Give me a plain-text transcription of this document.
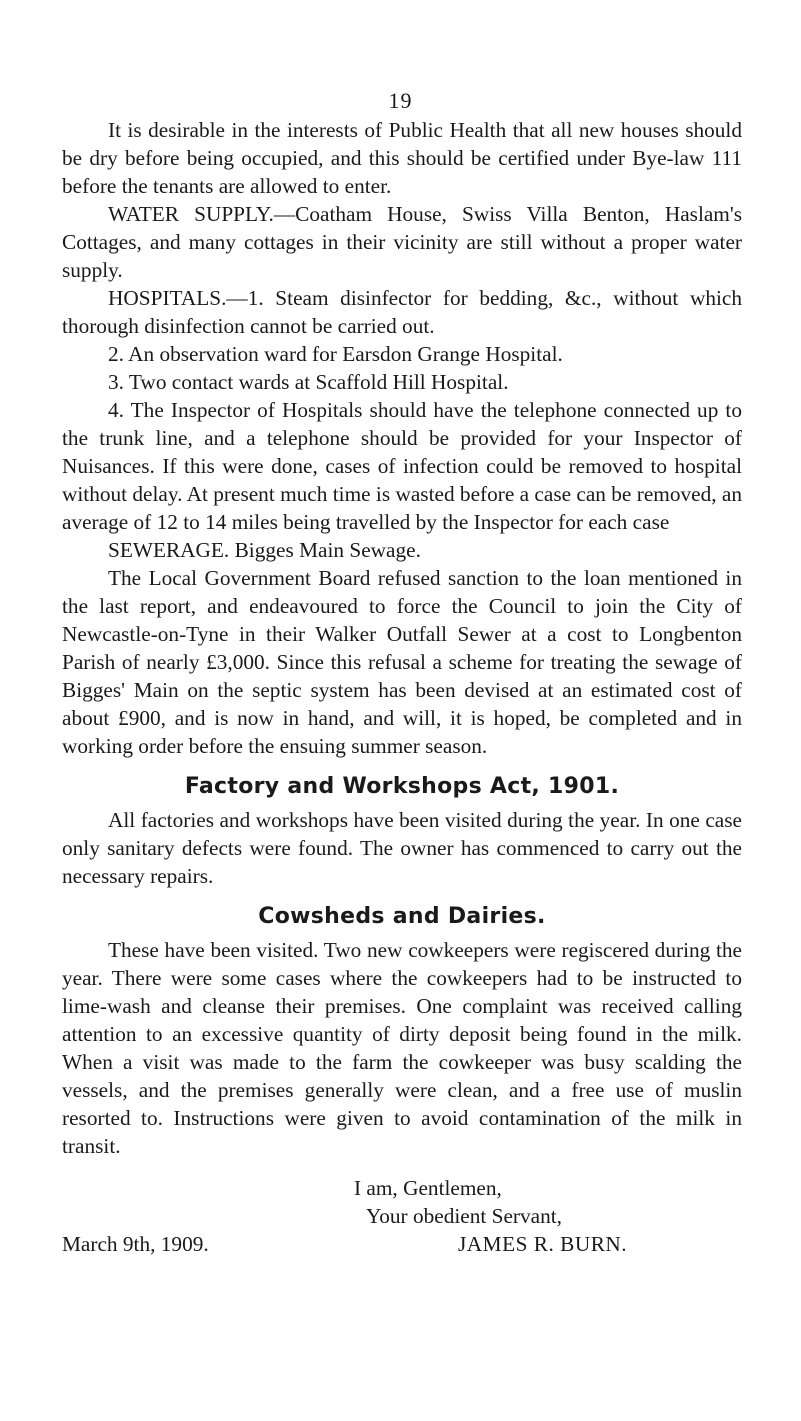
19

It is desirable in the interests of Public Health that all new houses should be dry before being occupied, and this should be certified under Bye-law 111 before the tenants are allowed to enter.

WATER SUPPLY.—Coatham House, Swiss Villa Benton, Haslam's Cottages, and many cottages in their vicinity are still without a proper water supply.

HOSPITALS.—1. Steam disinfector for bedding, &c., without which thorough disinfection cannot be carried out.

2. An observation ward for Earsdon Grange Hospital.

3. Two contact wards at Scaffold Hill Hospital.

4. The Inspector of Hospitals should have the telephone connected up to the trunk line, and a telephone should be provided for your Inspector of Nuisances. If this were done, cases of infection could be removed to hospital without delay. At present much time is wasted before a case can be removed, an average of 12 to 14 miles being travelled by the Inspector for each case

SEWERAGE. Bigges Main Sewage.

The Local Government Board refused sanction to the loan mentioned in the last report, and endeavoured to force the Council to join the City of Newcastle-on-Tyne in their Walker Outfall Sewer at a cost to Longbenton Parish of nearly £3,000. Since this refusal a scheme for treating the sewage of Bigges' Main on the septic system has been devised at an estimated cost of about £900, and is now in hand, and will, it is hoped, be completed and in working order before the ensuing summer season.

Factory and Workshops Act, 1901.

All factories and workshops have been visited during the year. In one case only sanitary defects were found. The owner has commenced to carry out the necessary repairs.

Cowsheds and Dairies.

These have been visited. Two new cowkeepers were regiscered during the year. There were some cases where the cowkeepers had to be instructed to lime-wash and cleanse their premises. One complaint was received calling attention to an excessive quantity of dirty deposit being found in the milk. When a visit was made to the farm the cowkeeper was busy scalding the vessels, and the premises generally were clean, and a free use of muslin resorted to. Instructions were given to avoid contamination of the milk in transit.

I am, Gentlemen,
Your obedient Servant,
March 9th, 1909.	JAMES R. BURN.
